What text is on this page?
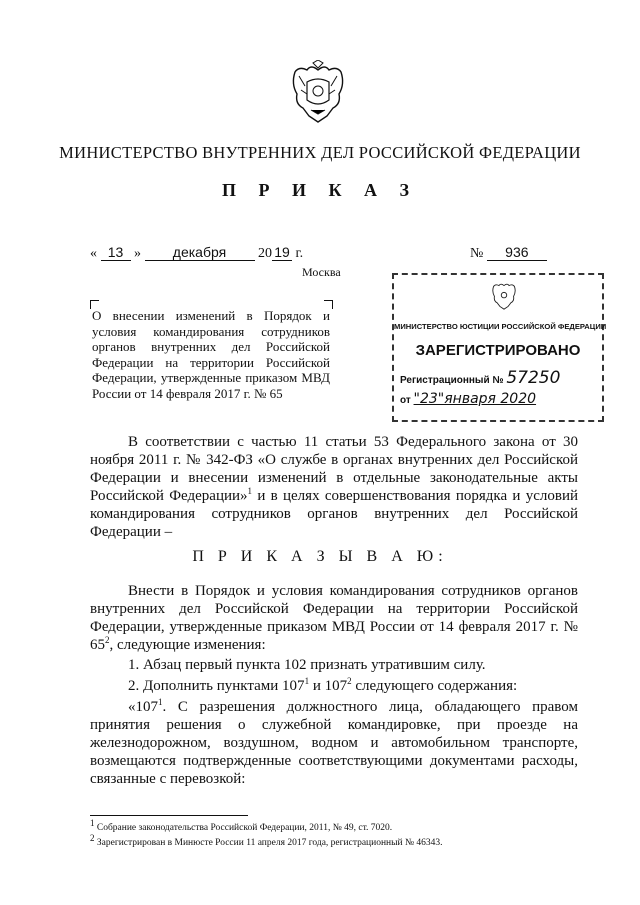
МИНИСТЕРСТВО ВНУТРЕННИХ ДЕЛ РОССИЙСКОЙ ФЕДЕРАЦИИ
П Р И К А З
« 13 » декабря 20 19 г.	№ 936
Москва
О внесении изменений в Порядок и условия командирования сотрудников органов внутренних дел Российской Федерации на территории Российской Федерации, утвержденные приказом МВД России от 14 февраля 2017 г. № 65
МИНИСТЕРСТВО ЮСТИЦИИ РОССИЙСКОЙ ФЕДЕРАЦИИ
ЗАРЕГИСТРИРОВАНО
Регистрационный № 57250
от "23"января 2020
В соответствии с частью 11 статьи 53 Федерального закона от 30 ноября 2011 г. № 342-ФЗ «О службе в органах внутренних дел Российской Федерации и внесении изменений в отдельные законодательные акты Российской Федерации»$^1$ и в целях совершенствования порядка и условий командирования сотрудников органов внутренних дел Российской Федерации –
П Р И К А З Ы В А Ю:
Внести в Порядок и условия командирования сотрудников органов внутренних дел Российской Федерации на территории Российской Федерации, утвержденные приказом МВД России от 14 февраля 2017 г. № $65^2$, следующие изменения:
1. Абзац первый пункта 102 признать утратившим силу.
2. Дополнить пунктами $107^1$ и $107^2$ следующего содержания:
«$107^1$. С разрешения должностного лица, обладающего правом принятия решения о служебной командировке, при проезде на железнодорожном, воздушном, водном и автомобильном транспорте, возмещаются подтвержденные соответствующими документами расходы, связанные с перевозкой:
$^1$ Собрание законодательства Российской Федерации, 2011, № 49, ст. 7020.
$^2$ Зарегистрирован в Минюсте России 11 апреля 2017 года, регистрационный № 46343.
